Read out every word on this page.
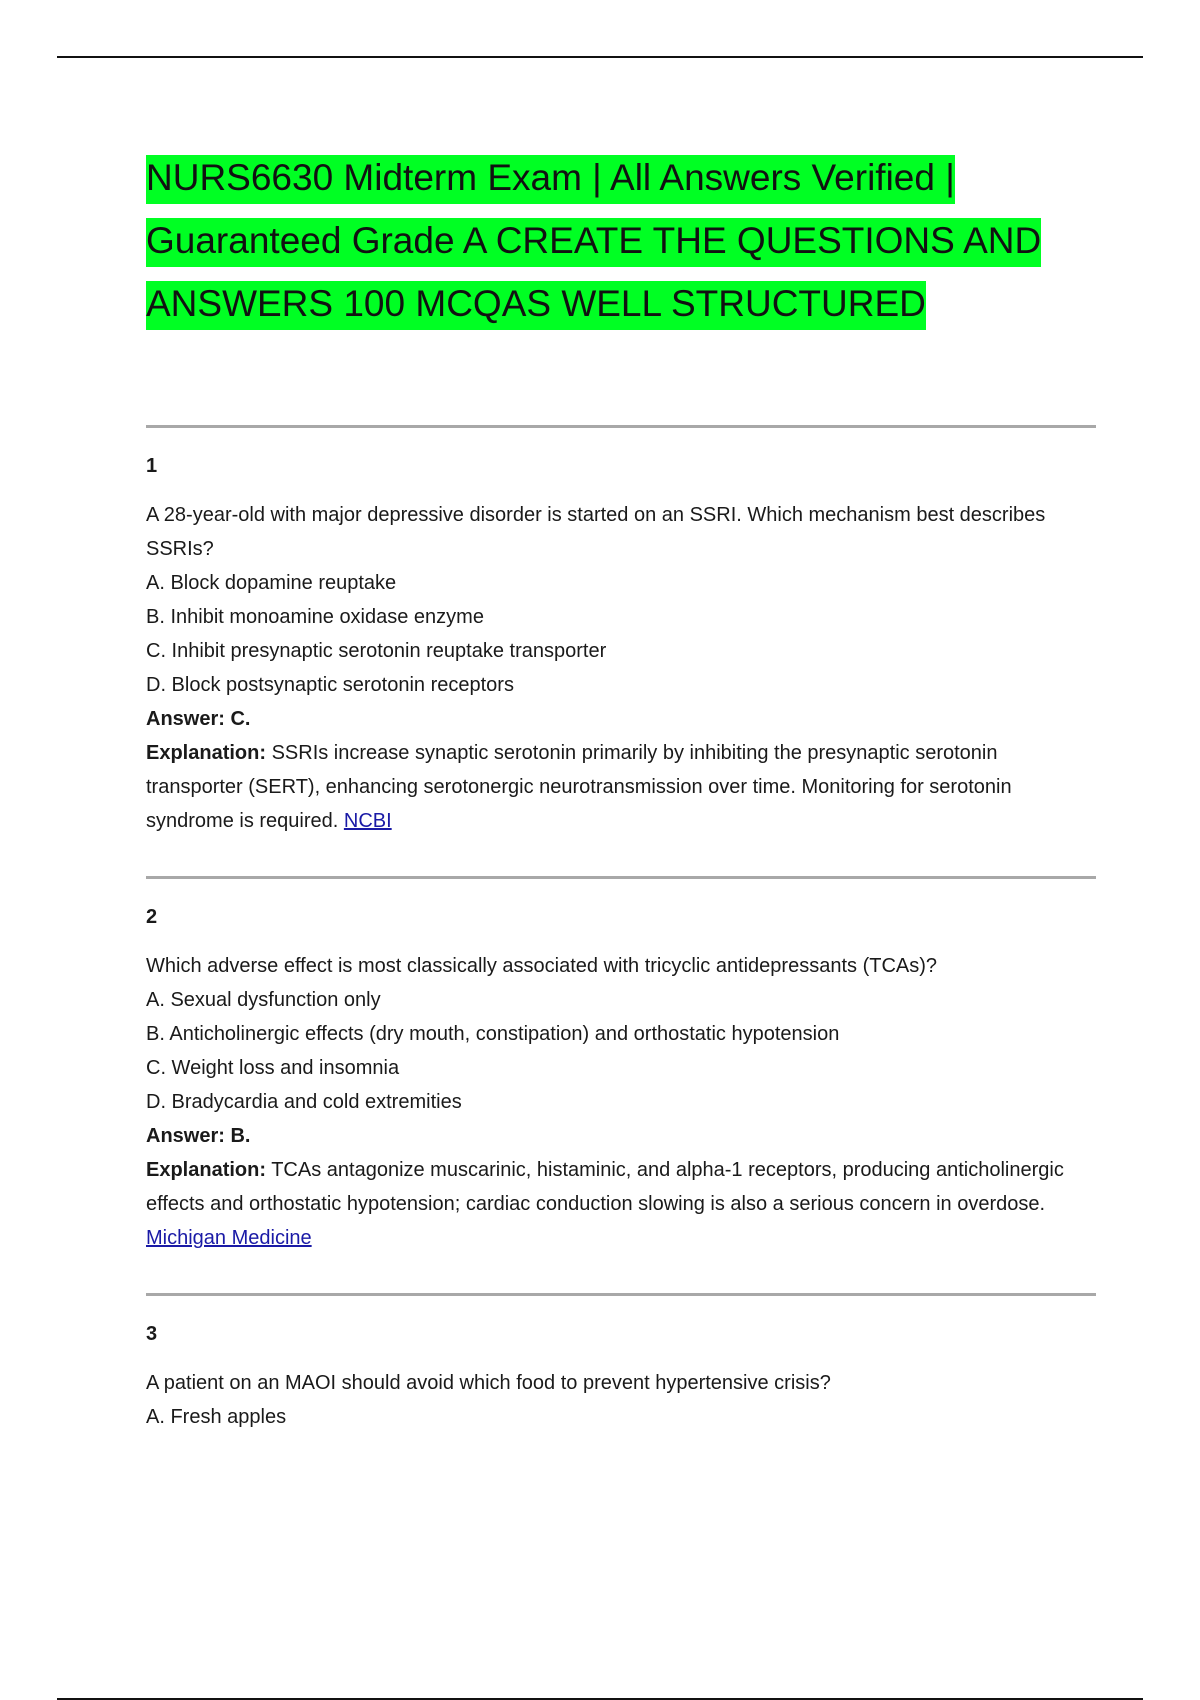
NURS6630 Midterm Exam | All Answers Verified | Guaranteed Grade A CREATE THE QUESTIONS AND ANSWERS 100 MCQAS WELL STRUCTURED

1

A 28-year-old with major depressive disorder is started on an SSRI. Which mechanism best describes SSRIs?

A. Block dopamine reuptake

B. Inhibit monoamine oxidase enzyme

C. Inhibit presynaptic serotonin reuptake transporter

D. Block postsynaptic serotonin receptors

Answer: C.

Explanation: SSRIs increase synaptic serotonin primarily by inhibiting the presynaptic serotonin transporter (SERT), enhancing serotonergic neurotransmission over time. Monitoring for serotonin syndrome is required. NCBI

2

Which adverse effect is most classically associated with tricyclic antidepressants (TCAs)?

A. Sexual dysfunction only

B. Anticholinergic effects (dry mouth, constipation) and orthostatic hypotension

C. Weight loss and insomnia

D. Bradycardia and cold extremities

Answer: B.

Explanation: TCAs antagonize muscarinic, histaminic, and alpha-1 receptors, producing anticholinergic effects and orthostatic hypotension; cardiac conduction slowing is also a serious concern in overdose. Michigan Medicine

3

A patient on an MAOI should avoid which food to prevent hypertensive crisis?

A. Fresh apples
